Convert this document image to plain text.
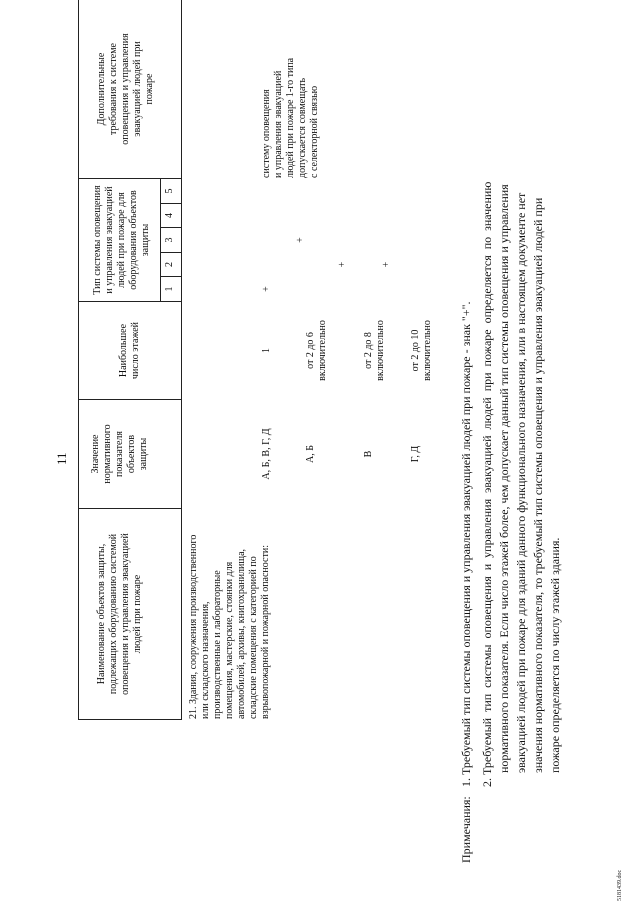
11
Наименование объектов защиты,
подлежащих оборудованию системой
оповещения и управления эвакуацией
людей при пожаре
Значение
нормативного
показателя
объектов
защиты
Наибольшее
число этажей
Тип системы оповещения
и управления эвакуацией
людей при пожаре для
оборудования объектов
защиты
Дополнительные
требования к системе
оповещения и управления
эвакуацией людей при
пожаре
1
2
3
4
5
21. Здания, сооружения производственного
или складского назначения,
производственные и лабораторные
помещения, мастерские, стоянки для
автомобилей, архивы, книгохранилища,
складские помещения с категорией по
взрывопожарной и пожарной опасности:
А, Б, В, Г, Д
1
+
систему оповещения
и управления эвакуацией
людей при пожаре 1-го типа
допускается совмещать
с селекторной связью
А, Б
от 2 до 6
включительно
+
В
от 2 до 8
включительно
+
Г, Д
от 2 до 10
включительно
+
Примечания:
1. Требуемый тип системы оповещения и управления эвакуацией людей при пожаре - знак "+". 2. Требуемый  тип  системы  оповещения  и  управления  эвакуацией  людей  при  пожаре  определяется  по  значению нормативного показателя. Если число этажей более, чем допускает данный тип системы оповещения и управления эвакуацией людей при пожаре для зданий данного функционального назначения, или в настоящем документе нет значения нормативного показателя, то требуемый тип системы оповещения и управления эвакуацией людей при пожаре определяется по числу этажей здания.
5181439.doc
